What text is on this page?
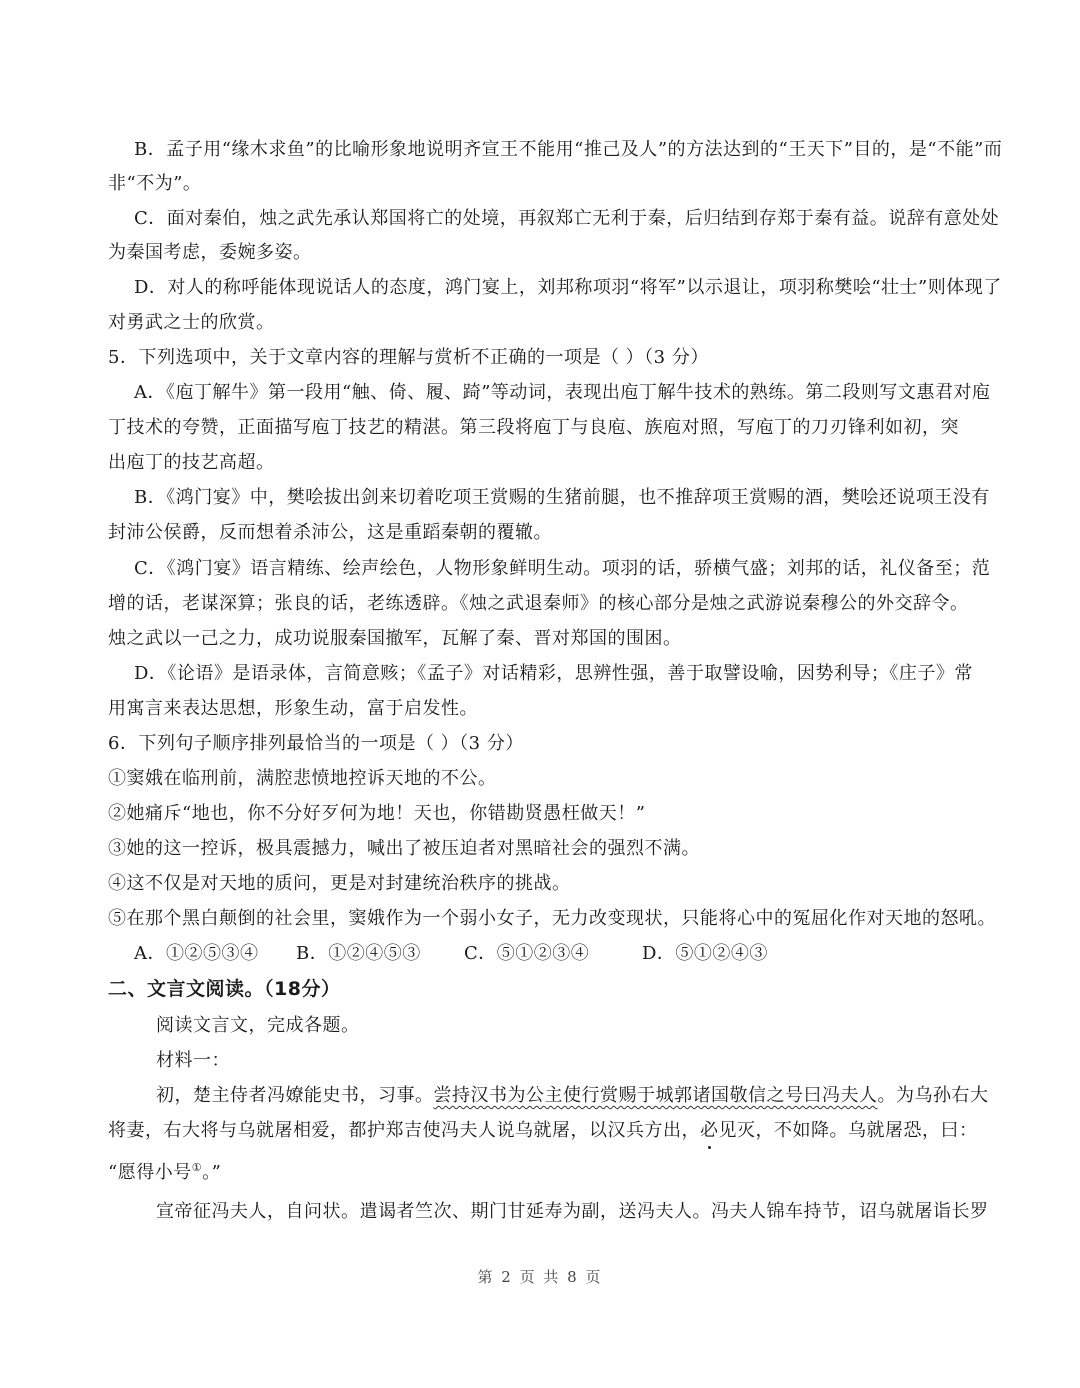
B．孟子用“缘木求鱼”的比喻形象地说明齐宣王不能用“推己及人”的方法达到的“王天下”目的，是“不能”而
非“不为”。
C．面对秦伯，烛之武先承认郑国将亡的处境，再叙郑亡无利于秦，后归结到存郑于秦有益。说辞有意处处
为秦国考虑，委婉多姿。
D．对人的称呼能体现说话人的态度，鸿门宴上，刘邦称项羽“将军”以示退让，项羽称樊哙“壮士”则体现了
对勇武之士的欣赏。
5．下列选项中，关于文章内容的理解与赏析不正确的一项是（ ）（3 分）
A．《庖丁解牛》第一段用“触、倚、履、踦”等动词，表现出庖丁解牛技术的熟练。第二段则写文惠君对庖
丁技术的夸赞，正面描写庖丁技艺的精湛。第三段将庖丁与良庖、族庖对照，写庖丁的刀刃锋利如初，突
出庖丁的技艺高超。
B．《鸿门宴》中，樊哙拔出剑来切着吃项王赏赐的生猪前腿，也不推辞项王赏赐的酒，樊哙还说项王没有
封沛公侯爵，反而想着杀沛公，这是重蹈秦朝的覆辙。
C．《鸿门宴》语言精练、绘声绘色，人物形象鲜明生动。项羽的话，骄横气盛；刘邦的话，礼仪备至；范
增的话，老谋深算；张良的话，老练透辟。《烛之武退秦师》的核心部分是烛之武游说秦穆公的外交辞令。
烛之武以一己之力，成功说服秦国撤军，瓦解了秦、晋对郑国的围困。
D．《论语》是语录体，言简意赅；《孟子》对话精彩，思辨性强，善于取譬设喻，因势利导；《庄子》常
用寓言来表达思想，形象生动，富于启发性。
6．下列句子顺序排列最恰当的一项是（ ）（3 分）
①窦娥在临刑前，满腔悲愤地控诉天地的不公。
②她痛斥“地也，你不分好歹何为地！天也，你错勘贤愚枉做天！”
③她的这一控诉，极具震撼力，喊出了被压迫者对黑暗社会的强烈不满。
④这不仅是对天地的质问，更是对封建统治秩序的挑战。
⑤在那个黑白颠倒的社会里，窦娥作为一个弱小女子，无力改变现状，只能将心中的冤屈化作对天地的怒吼。
A．①②⑤③④ B．①②④⑤③ C．⑤①②③④	D．⑤①②④③
二、文言文阅读。（18分）
阅读文言文，完成各题。
材料一：
初，楚主侍者冯嫽能史书，习事。尝持汉书为公主使行赏赐于城郭诸国敬信之号曰冯夫人。为乌孙右大
将妻，右大将与乌就屠相爱，都护郑吉使冯夫人说乌就屠，以汉兵方出，必见灭，不如降。乌就屠恐，曰：
“愿得小号①。”
宣帝征冯夫人，自问状。遣谒者竺次、期门甘延寿为副，送冯夫人。冯夫人锦车持节，诏乌就屠诣长罗
第 2 页 共 8 页
